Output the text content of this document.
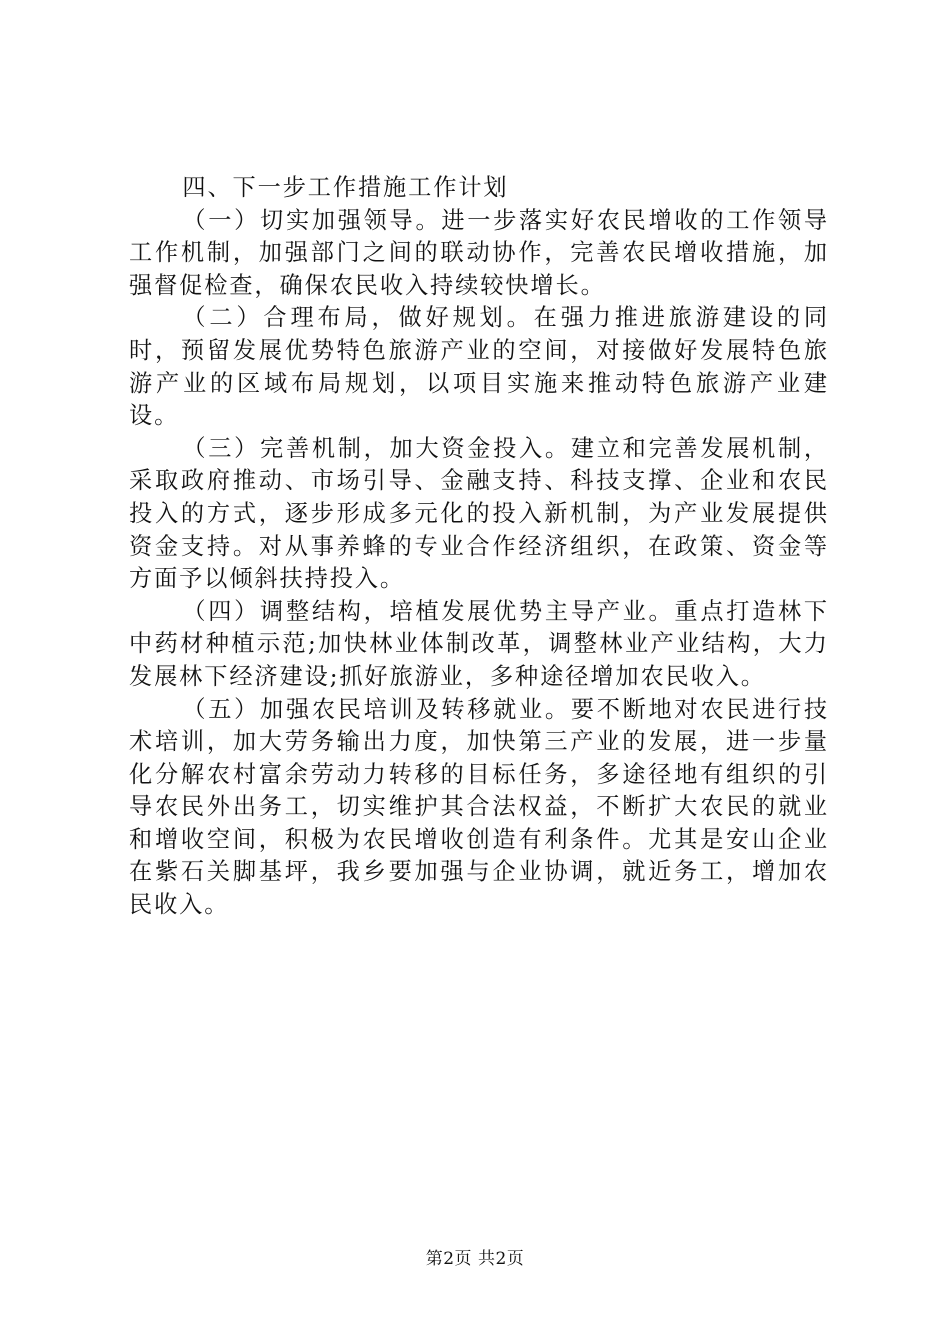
四、下一步工作措施工作计划

（一）切实加强领导。进一步落实好农民增收的工作领导工作机制，加强部门之间的联动协作，完善农民增收措施，加强督促检查，确保农民收入持续较快增长。

（二）合理布局，做好规划。在强力推进旅游建设的同时，预留发展优势特色旅游产业的空间，对接做好发展特色旅游产业的区域布局规划，以项目实施来推动特色旅游产业建设。

（三）完善机制，加大资金投入。建立和完善发展机制，采取政府推动、市场引导、金融支持、科技支撑、企业和农民投入的方式，逐步形成多元化的投入新机制，为产业发展提供资金支持。对从事养蜂的专业合作经济组织，在政策、资金等方面予以倾斜扶持投入。

（四）调整结构，培植发展优势主导产业。重点打造林下中药材种植示范;加快林业体制改革，调整林业产业结构，大力发展林下经济建设;抓好旅游业，多种途径增加农民收入。

（五）加强农民培训及转移就业。要不断地对农民进行技术培训，加大劳务输出力度，加快第三产业的发展，进一步量化分解农村富余劳动力转移的目标任务，多途径地有组织的引导农民外出务工，切实维护其合法权益，不断扩大农民的就业和增收空间，积极为农民增收创造有利条件。尤其是安山企业在紫石关脚基坪，我乡要加强与企业协调，就近务工，增加农民收入。

第2页 共2页
